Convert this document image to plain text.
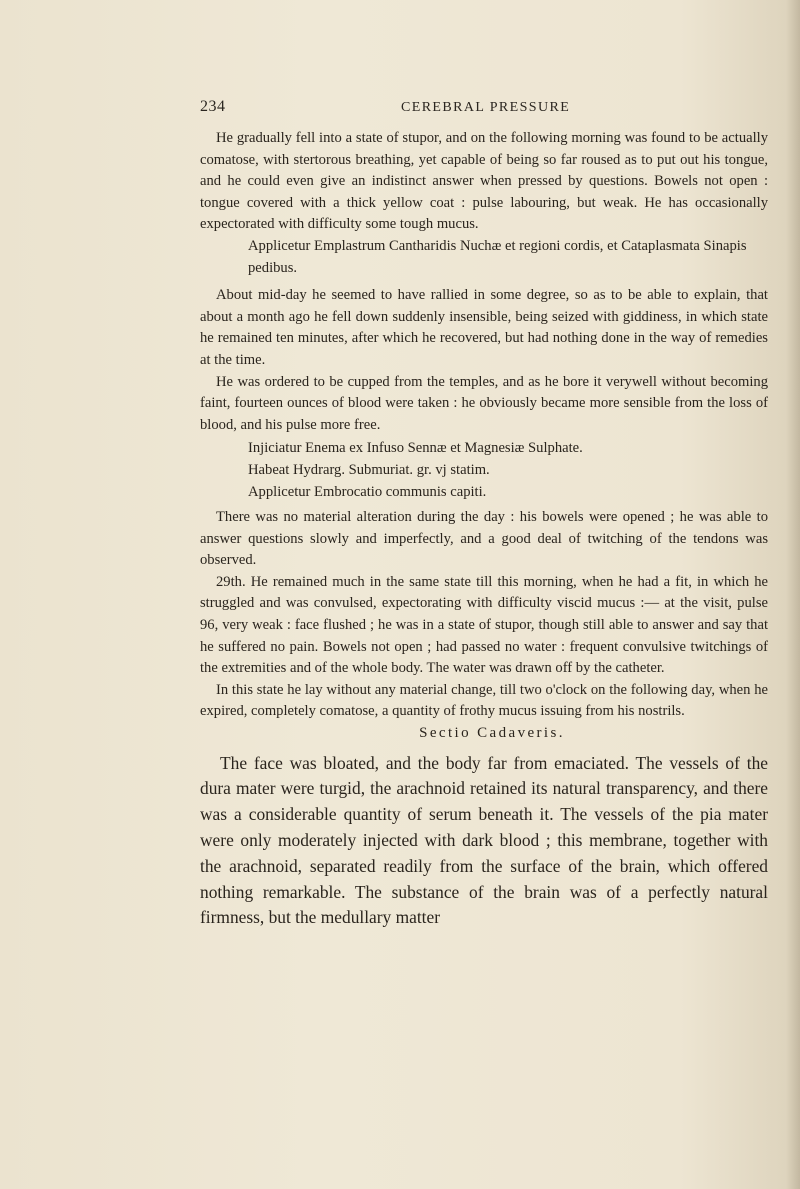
234	CEREBRAL PRESSURE

He gradually fell into a state of stupor, and on the following morning was found to be actually comatose, with stertorous breathing, yet capable of being so far roused as to put out his tongue, and he could even give an indistinct answer when pressed by questions. Bowels not open : tongue covered with a thick yellow coat : pulse labouring, but weak. He has occasionally expectorated with difficulty some tough mucus.

Applicetur Emplastrum Cantharidis Nuchæ et regioni cordis, et Cataplasmata Sinapis pedibus.

About mid-day he seemed to have rallied in some degree, so as to be able to explain, that about a month ago he fell down suddenly insensible, being seized with giddiness, in which state he remained ten minutes, after which he recovered, but had nothing done in the way of remedies at the time.

He was ordered to be cupped from the temples, and as he bore it verywell without becoming faint, fourteen ounces of blood were taken : he obviously became more sensible from the loss of blood, and his pulse more free.

Injiciatur Enema ex Infuso Sennæ et Magnesiæ Sulphate.

Habeat Hydrarg. Submuriat. gr. vj statim.

Applicetur Embrocatio communis capiti.

There was no material alteration during the day : his bowels were opened ; he was able to answer questions slowly and imperfectly, and a good deal of twitching of the tendons was observed.

29th. He remained much in the same state till this morning, when he had a fit, in which he struggled and was convulsed, expectorating with difficulty viscid mucus :— at the visit, pulse 96, very weak : face flushed ; he was in a state of stupor, though still able to answer and say that he suffered no pain. Bowels not open ; had passed no water : frequent convulsive twitchings of the extremities and of the whole body. The water was drawn off by the catheter.

In this state he lay without any material change, till two o'clock on the following day, when he expired, completely comatose, a quantity of frothy mucus issuing from his nostrils.

Sectio Cadaveris.

The face was bloated, and the body far from emaciated. The vessels of the dura mater were turgid, the arachnoid retained its natural transparency, and there was a considerable quantity of serum beneath it. The vessels of the pia mater were only moderately injected with dark blood ; this membrane, together with the arachnoid, separated readily from the surface of the brain, which offered nothing remarkable. The substance of the brain was of a perfectly natural firmness, but the medullary matter
